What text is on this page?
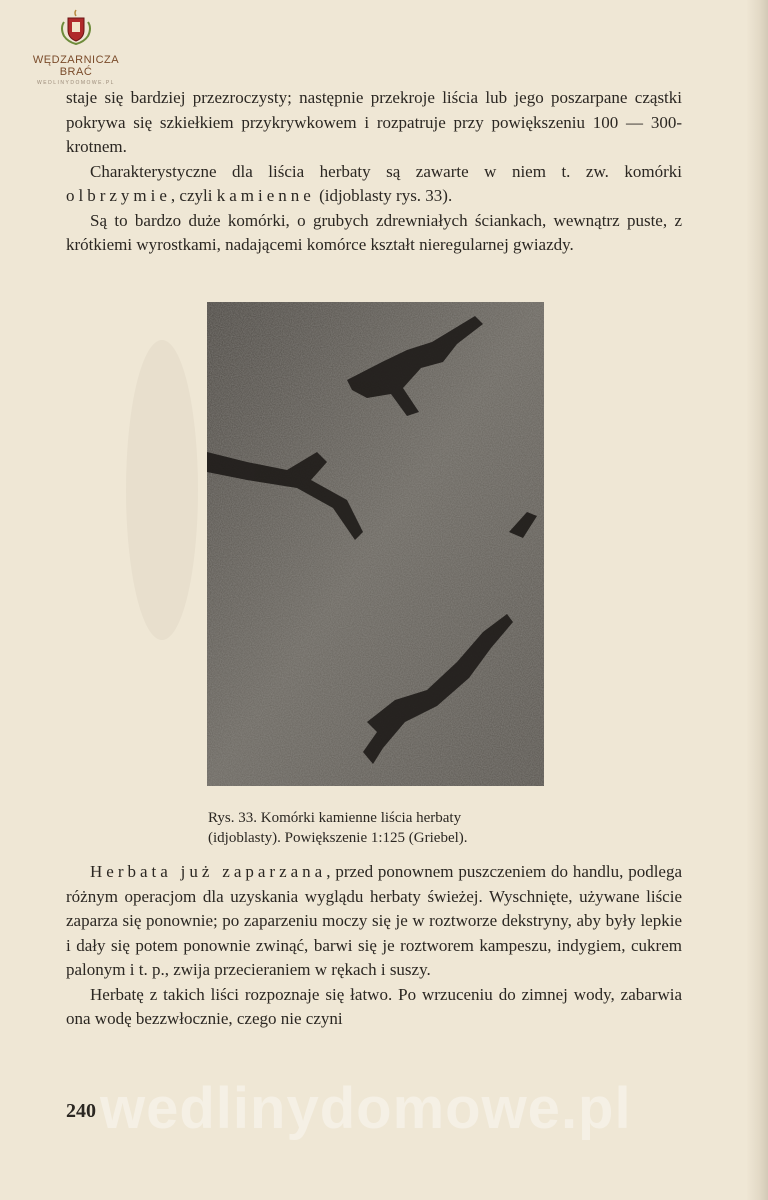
WĘDZARNICZA BRAĆ
WEDLINYDOMOWE.PL

staje się bardziej przezroczysty; następnie przekroje liścia lub jego poszarpane cząstki pokrywa się szkiełkiem przykrywkowem i rozpatruje przy powiększeniu 100 — 300-krotnem.

Charakterystyczne dla liścia herbaty są zawarte w niem t. zw. komórki olbrzymie, czyli kamienne (idjoblasty rys. 33).

Są to bardzo duże komórki, o grubych zdrewniałych ściankach, wewnątrz puste, z krótkiemi wyrostkami, nadającemi komórce kształt nieregularnej gwiazdy.

Rys. 33. Komórki kamienne liścia herbaty
(idjoblasty). Powiększenie 1:125 (Griebel).

Herbata już zaparzana, przed ponownem puszczeniem do handlu, podlega różnym operacjom dla uzyskania wyglądu herbaty świeżej. Wyschnięte, używane liście zaparza się ponownie; po zaparzeniu moczy się je w roztworze dekstryny, aby były lepkie i dały się potem ponownie zwinąć, barwi się je roztworem kampeszu, indygiem, cukrem palonym i t. p., zwija przecieraniem w rękach i suszy.

Herbatę z takich liści rozpoznaje się łatwo. Po wrzuceniu do zimnej wody, zabarwia ona wodę bezzwłocznie, czego nie czyni

wedlinydomowe.pl
240
